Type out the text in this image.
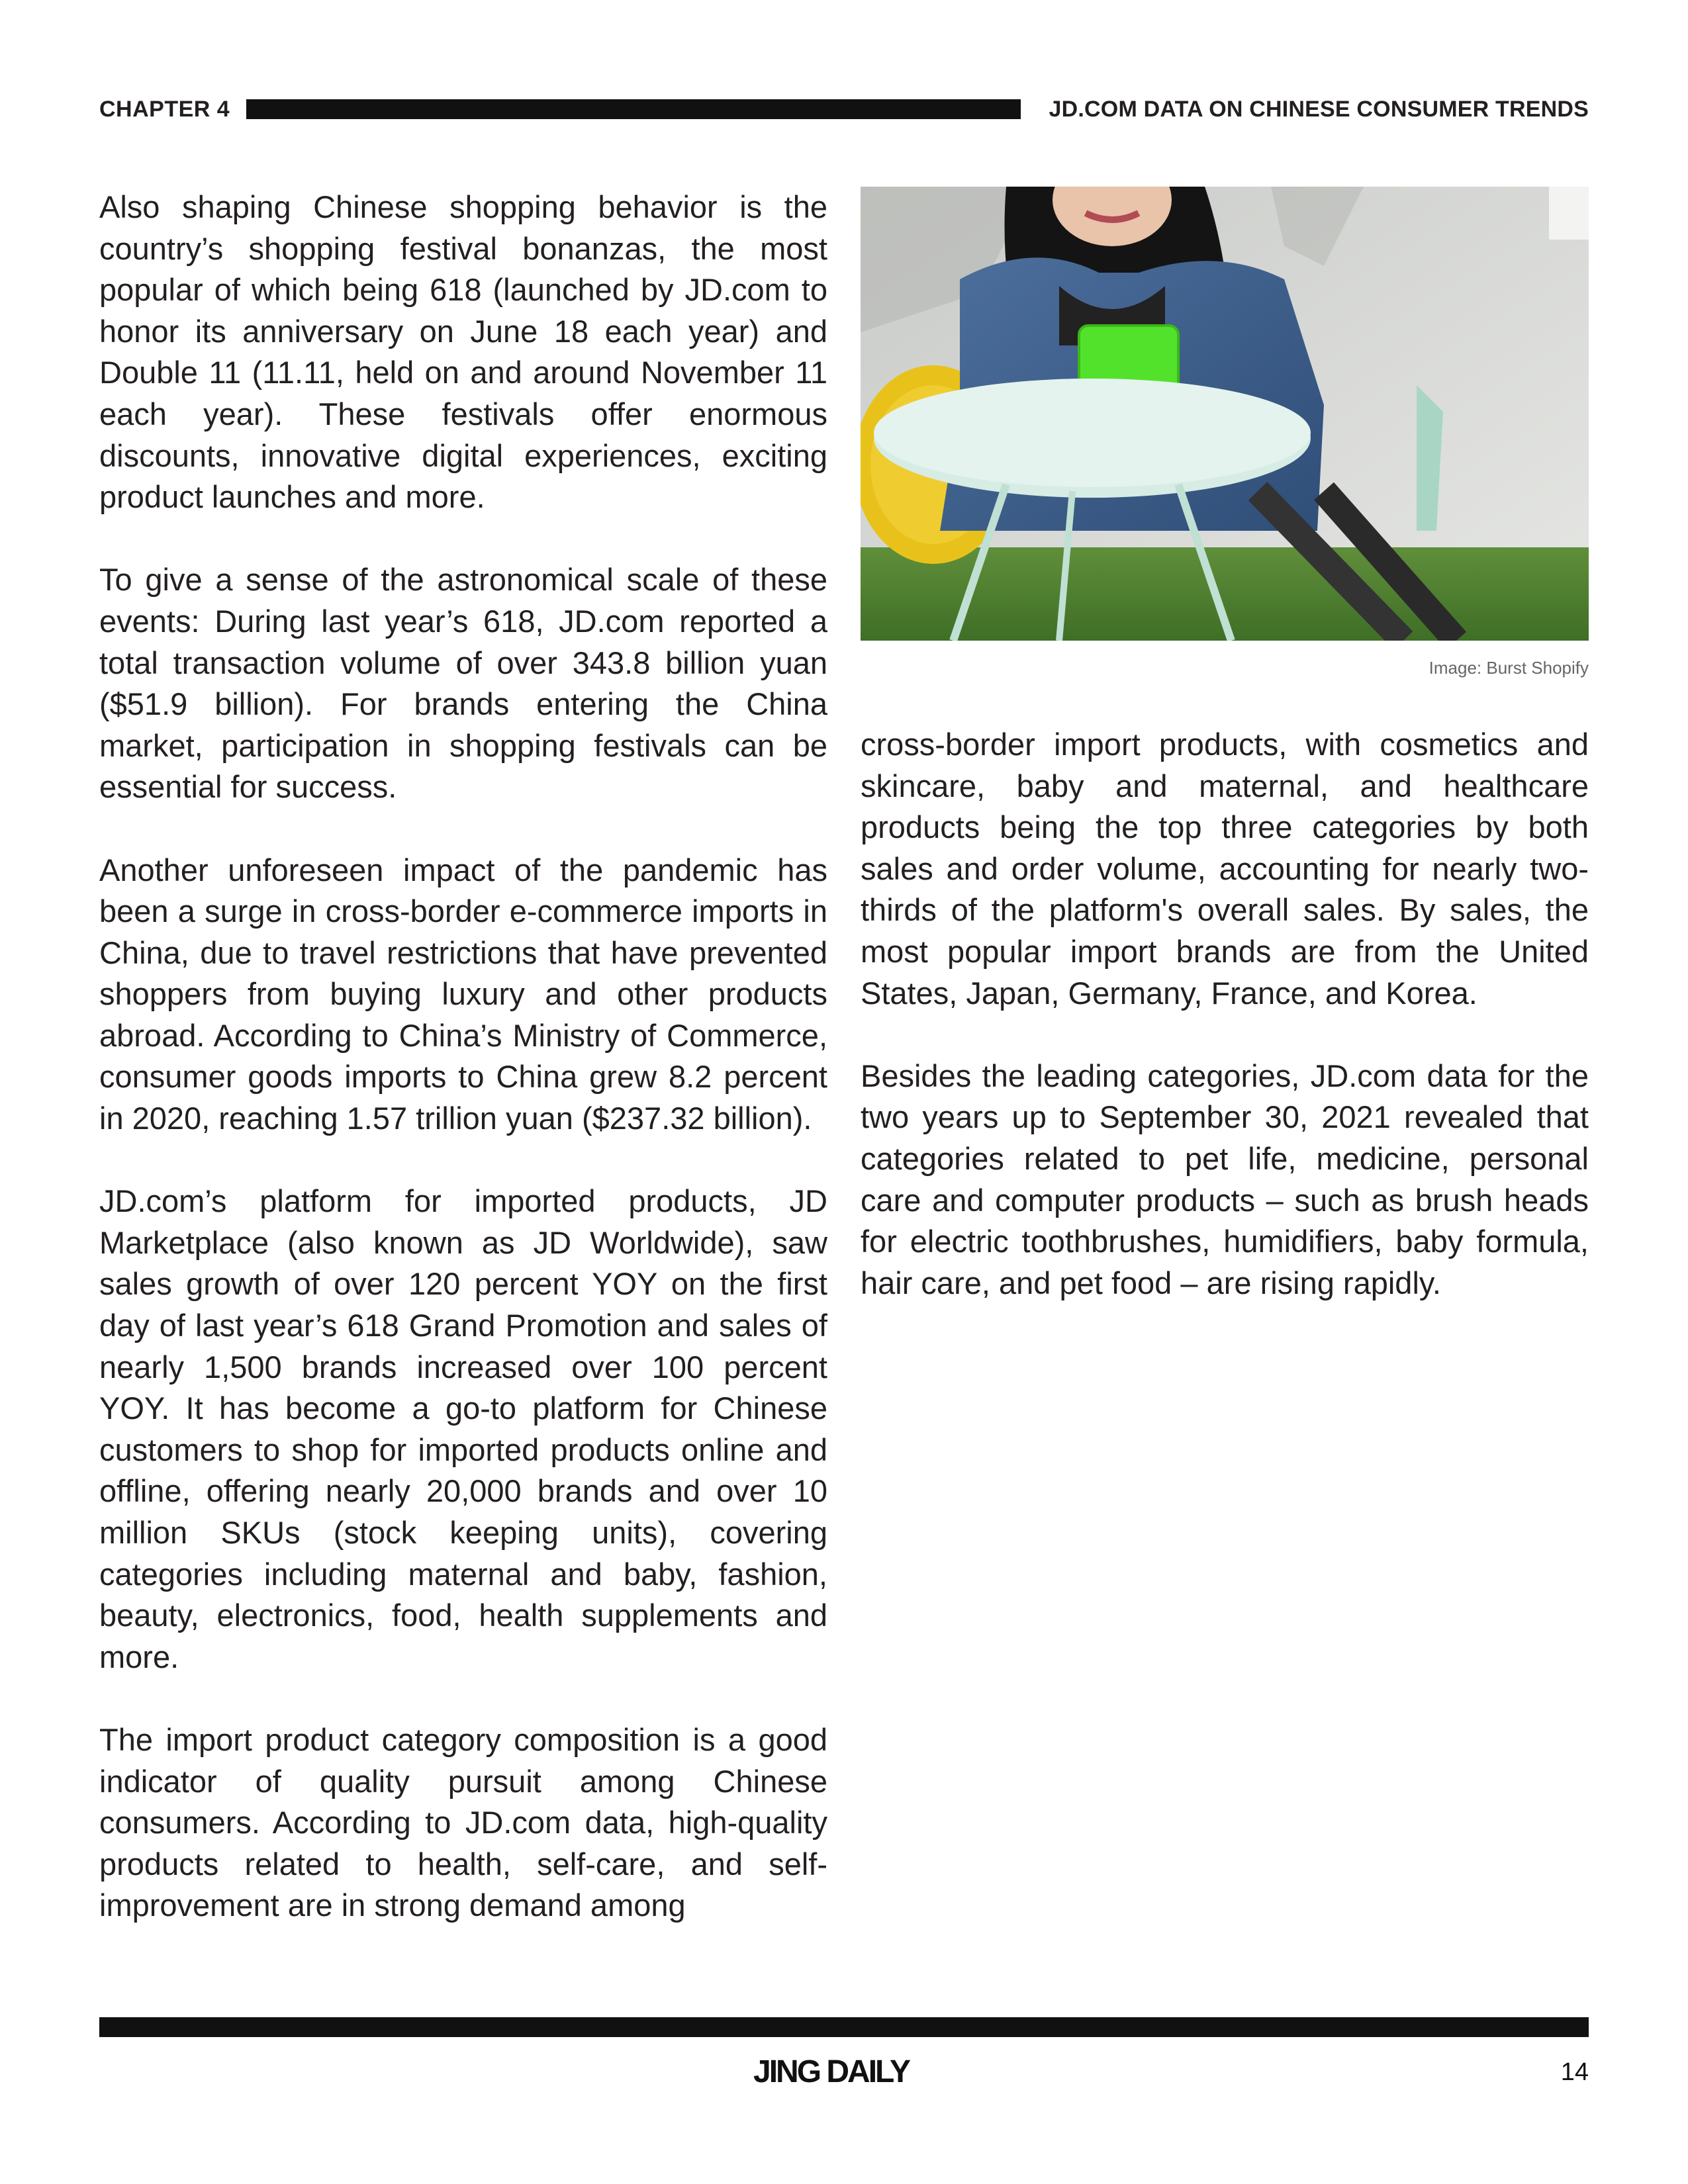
CHAPTER 4	JD.COM DATA ON CHINESE CONSUMER TRENDS

Also shaping Chinese shopping behavior is the country’s shopping festival bonanzas, the most popular of which being 618 (launched by JD.com to honor its anniversary on June 18 each year) and Double 11 (11.11, held on and around November 11 each year). These festivals offer enormous discounts, innovative digital experiences, exciting product launches and more.

To give a sense of the astronomical scale of these events: During last year’s 618, JD.com reported a total transaction volume of over 343.8 billion yuan ($51.9 billion). For brands entering the China market, participation in shopping festivals can be essential for success.

Another unforeseen impact of the pandemic has been a surge in cross-border e-commerce imports in China, due to travel restrictions that have prevented shoppers from buying luxury and other products abroad. According to China’s Ministry of Commerce, consumer goods imports to China grew 8.2 percent in 2020, reaching 1.57 trillion yuan ($237.32 billion).

JD.com’s platform for imported products, JD Marketplace (also known as JD Worldwide), saw sales growth of over 120 percent YOY on the first day of last year’s 618 Grand Promotion and sales of nearly 1,500 brands increased over 100 percent YOY. It has become a go-to platform for Chinese customers to shop for imported products online and offline, offering nearly 20,000 brands and over 10 million SKUs (stock keeping units), covering categories including maternal and baby, fashion, beauty, electronics, food, health supplements and more.

The import product category composition is a good indicator of quality pursuit among Chinese consumers. According to JD.com data, high-quality products related to health, self-care, and self-improvement are in strong demand among

Image: Burst Shopify

cross-border import products, with cosmetics and skincare, baby and maternal, and healthcare products being the top three categories by both sales and order volume, accounting for nearly two-thirds of the platform's overall sales. By sales, the most popular import brands are from the United States, Japan, Germany, France, and Korea.

Besides the leading categories, JD.com data for the two years up to September 30, 2021 revealed that categories related to pet life, medicine, personal care and computer products – such as brush heads for electric toothbrushes, humidifiers, baby formula, hair care, and pet food – are rising rapidly.

JING DAILY	14
